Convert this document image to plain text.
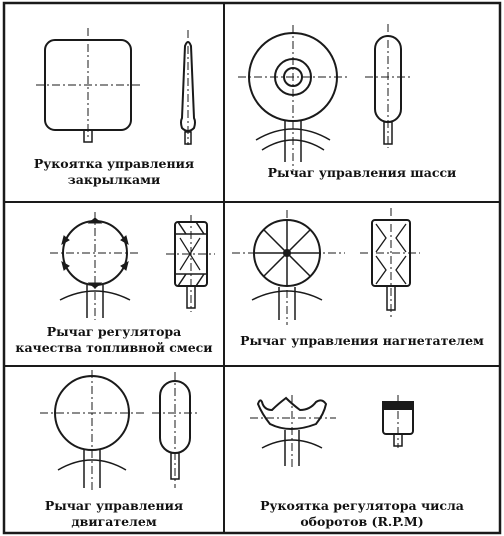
Рукоятка управления
закрылками	Рычаг управления шасси
Рычаг регулятора
качества топливной смеси	Рычаг управления нагнетателем
Рычаг управления
двигателем
Рукоятка регулятора числа
оборотов (R.P.M)
